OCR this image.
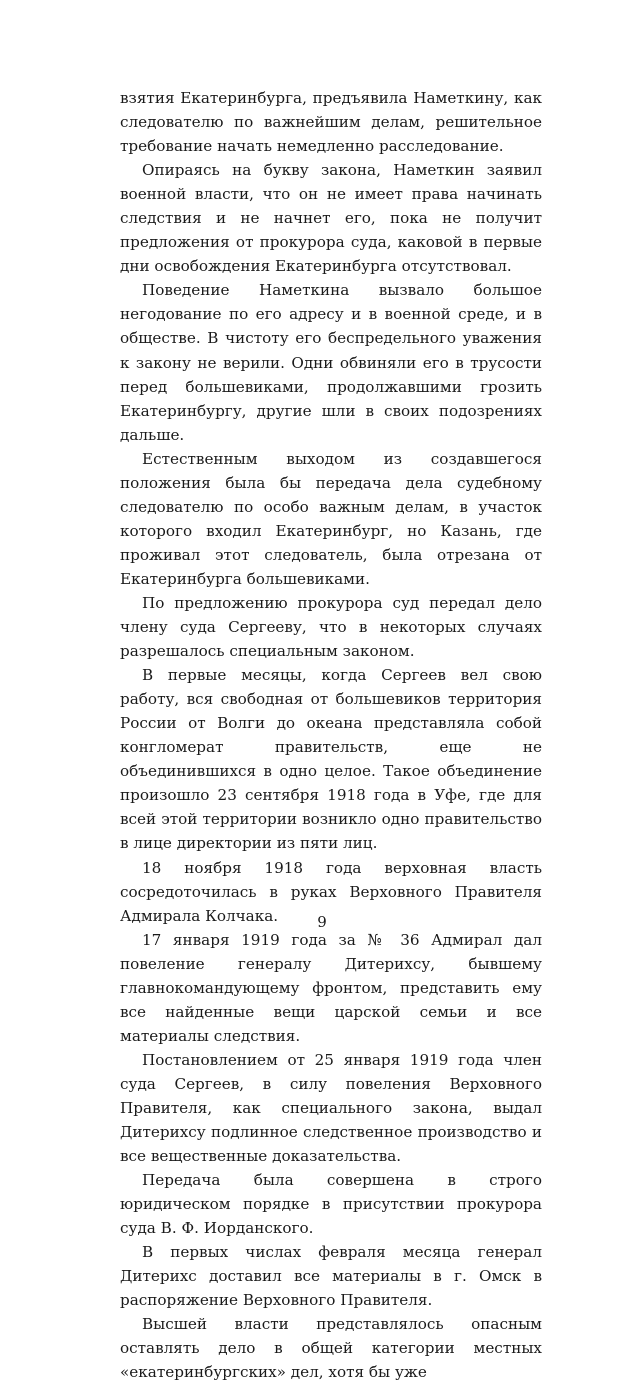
взятия Екатеринбурга, предъявила Наметкину, как следователю по важнейшим делам, решительное требование начать немедленно расследование.

Опираясь на букву закона, Наметкин заявил военной власти, что он не имеет права начинать следствия и не начнет его, пока не получит предложения от прокурора суда, каковой в первые дни освобождения Екатеринбурга отсутствовал.

Поведение Наметкина вызвало большое негодование по его адресу и в военной среде, и в обществе. В чистоту его беспредельного уважения к закону не верили. Одни обвиняли его в трусости перед большевиками, продолжавшими грозить Екатеринбургу, другие шли в своих подозрениях дальше.

Естественным выходом из создавшегося положения была бы передача дела судебному следователю по особо важным делам, в участок которого входил Екатеринбург, но Казань, где проживал этот следователь, была отрезана от Екатеринбурга большевиками.

По предложению прокурора суд передал дело члену суда Сергееву, что в некоторых случаях разрешалось специальным законом.

В первые месяцы, когда Сергеев вел свою работу, вся свободная от большевиков территория России от Волги до океана представляла собой конгломерат правительств, еще не объединившихся в одно целое. Такое объединение произошло 23 сентября 1918 года в Уфе, где для всей этой территории возникло одно правительство в лице директории из пяти лиц.

18 ноября 1918 года верховная власть сосредоточилась в руках Верховного Правителя Адмирала Колчака.

17 января 1919 года за № 36 Адмирал дал повеление генералу Дитерихсу, бывшему главнокомандующему фронтом, представить ему все найденные вещи царской семьи и все материалы следствия.

Постановлением от 25 января 1919 года член суда Сергеев, в силу повеления Верховного Правителя, как специального закона, выдал Дитерихсу подлинное следственное производство и все вещественные доказательства.

Передача была совершена в строго юридическом порядке в присутствии прокурора суда В. Ф. Иорданского.

В первых числах февраля месяца генерал Дитерихс доставил все материалы в г. Омск в распоряжение Верховного Правителя.

Высшей власти представлялось опасным оставлять дело в общей категории местных «екатеринбургских» дел, хотя бы уже

9
